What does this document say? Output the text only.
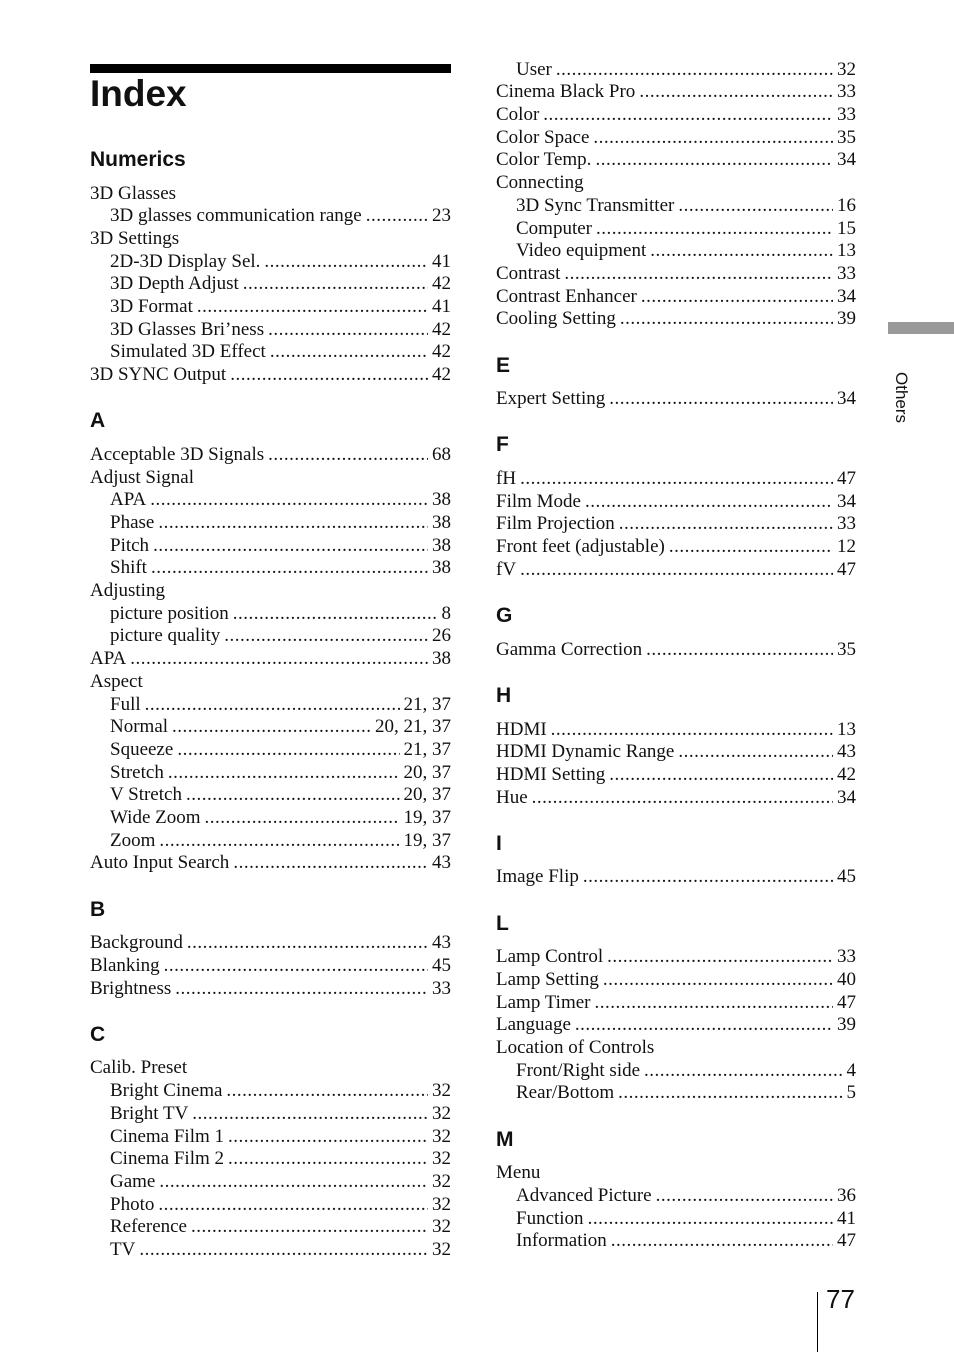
Index
Numerics
3D Glasses
3D glasses communication range .....	23
3D Settings
2D-3D Display Sel. .....	41
3D Depth Adjust .....	42
3D Format .....	41
3D Glasses Bri’ness .....	42
Simulated 3D Effect .....	42
3D SYNC Output .....	42
A
Acceptable 3D Signals .....	68
Adjust Signal
APA .....	38
Phase .....	38
Pitch .....	38
Shift .....	38
Adjusting
picture position .....	8
picture quality .....	26
APA .....	38
Aspect
Full .....	21, 37
Normal .....	20, 21, 37
Squeeze .....	21, 37
Stretch .....	20, 37
V Stretch .....	20, 37
Wide Zoom .....	19, 37
Zoom .....	19, 37
Auto Input Search .....	43
B
Background .....	43
Blanking .....	45
Brightness .....	33
C
Calib. Preset
Bright Cinema .....	32
Bright TV .....	32
Cinema Film 1 .....	32
Cinema Film 2 .....	32
Game .....	32
Photo .....	32
Reference .....	32
TV .....	32
User .....	32
Cinema Black Pro .....	33
Color .....	33
Color Space .....	35
Color Temp. .....	34
Connecting
3D Sync Transmitter .....	16
Computer .....	15
Video equipment .....	13
Contrast .....	33
Contrast Enhancer .....	34
Cooling Setting .....	39
E
Expert Setting .....	34
F
fH .....	47
Film Mode .....	34
Film Projection .....	33
Front feet (adjustable) .....	12
fV .....	47
G
Gamma Correction .....	35
H
HDMI .....	13
HDMI Dynamic Range .....	43
HDMI Setting .....	42
Hue .....	34
I
Image Flip .....	45
L
Lamp Control .....	33
Lamp Setting .....	40
Lamp Timer .....	47
Language .....	39
Location of Controls
Front/Right side .....	4
Rear/Bottom .....	5
M
Menu
Advanced Picture .....	36
Function .....	41
Information .....	47
Others
77
